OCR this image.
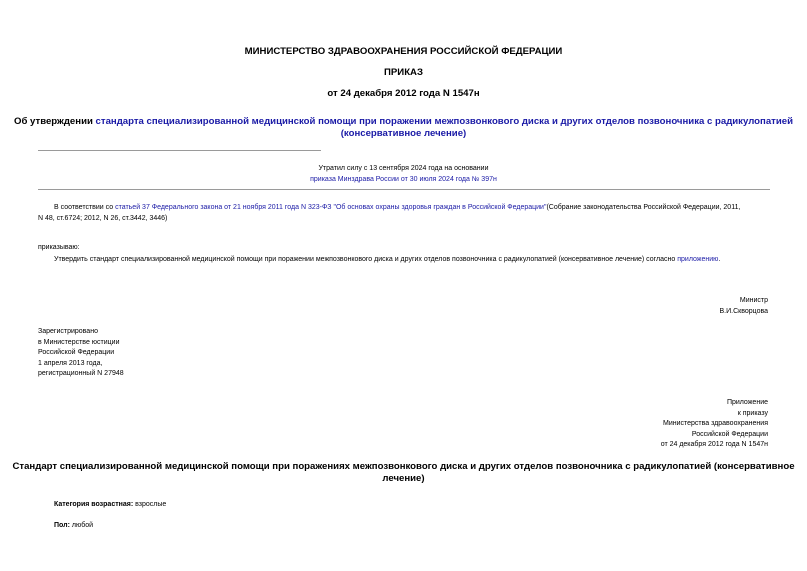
МИНИСТЕРСТВО ЗДРАВООХРАНЕНИЯ РОССИЙСКОЙ ФЕДЕРАЦИИ
ПРИКАЗ
от 24 декабря 2012 года N 1547н
Об утверждении стандарта специализированной медицинской помощи при поражении межпозвонкового диска и других отделов позвоночника с радикулопатией
(консервативное лечение)
Утратил силу с 13 сентября 2024 года на основании
приказа Минздрава России от 30 июля 2024 года № 397н
В соответствии со статьей 37 Федерального закона от 21 ноября 2011 года N 323-ФЗ "Об основах охраны здоровья граждан в Российской Федерации"(Собрание законодательства Российской Федерации, 2011,
N 48, ст.6724; 2012, N 26, ст.3442, 3446)
приказываю:
Утвердить стандарт специализированной медицинской помощи при поражении межпозвонкового диска и других отделов позвоночника с радикулопатией (консервативное лечение) согласно приложению.
Министр
В.И.Скворцова
Зарегистрировано
в Министерстве юстиции
Российской Федерации
1 апреля 2013 года,
регистрационный N 27948
Приложение
к приказу
Министерства здравоохранения
Российской Федерации
от 24 декабря 2012 года N 1547н
Стандарт специализированной медицинской помощи при поражениях межпозвонкового диска и других отделов позвоночника с радикулопатией (консервативное
лечение)
Категория возрастная: взрослые
Пол: любой
